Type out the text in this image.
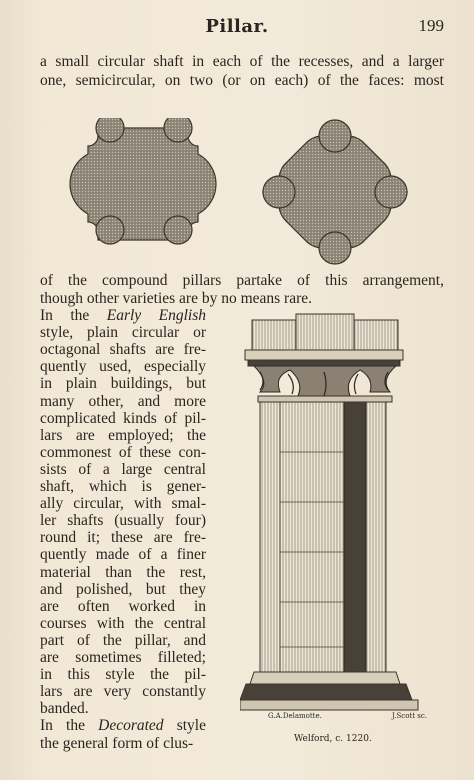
Pillar.	199
a small circular shaft in each of the recesses, and a larger
one, semicircular, on two (or on each) of the faces: most
of the compound pillars partake of this arrangement,
though other varieties are by no means rare.
In the Early English
style, plain circular or
octagonal shafts are fre-
quently used, especially
in plain buildings, but
many other, and more
complicated kinds of pil-
lars are employed; the
commonest of these con-
sists of a large central
shaft, which is gener-
ally circular, with smal-
ler shafts (usually four)
round it; these are fre-
quently made of a finer
material than the rest,
and polished, but they
are often worked in
courses with the central
part of the pillar, and
are sometimes filleted;
in this style the pil-
lars are very constantly
banded.
In the Decorated style
the general form of clus-
G.A.Delamotte.	J.Scott sc.
Welford, c. 1220.
